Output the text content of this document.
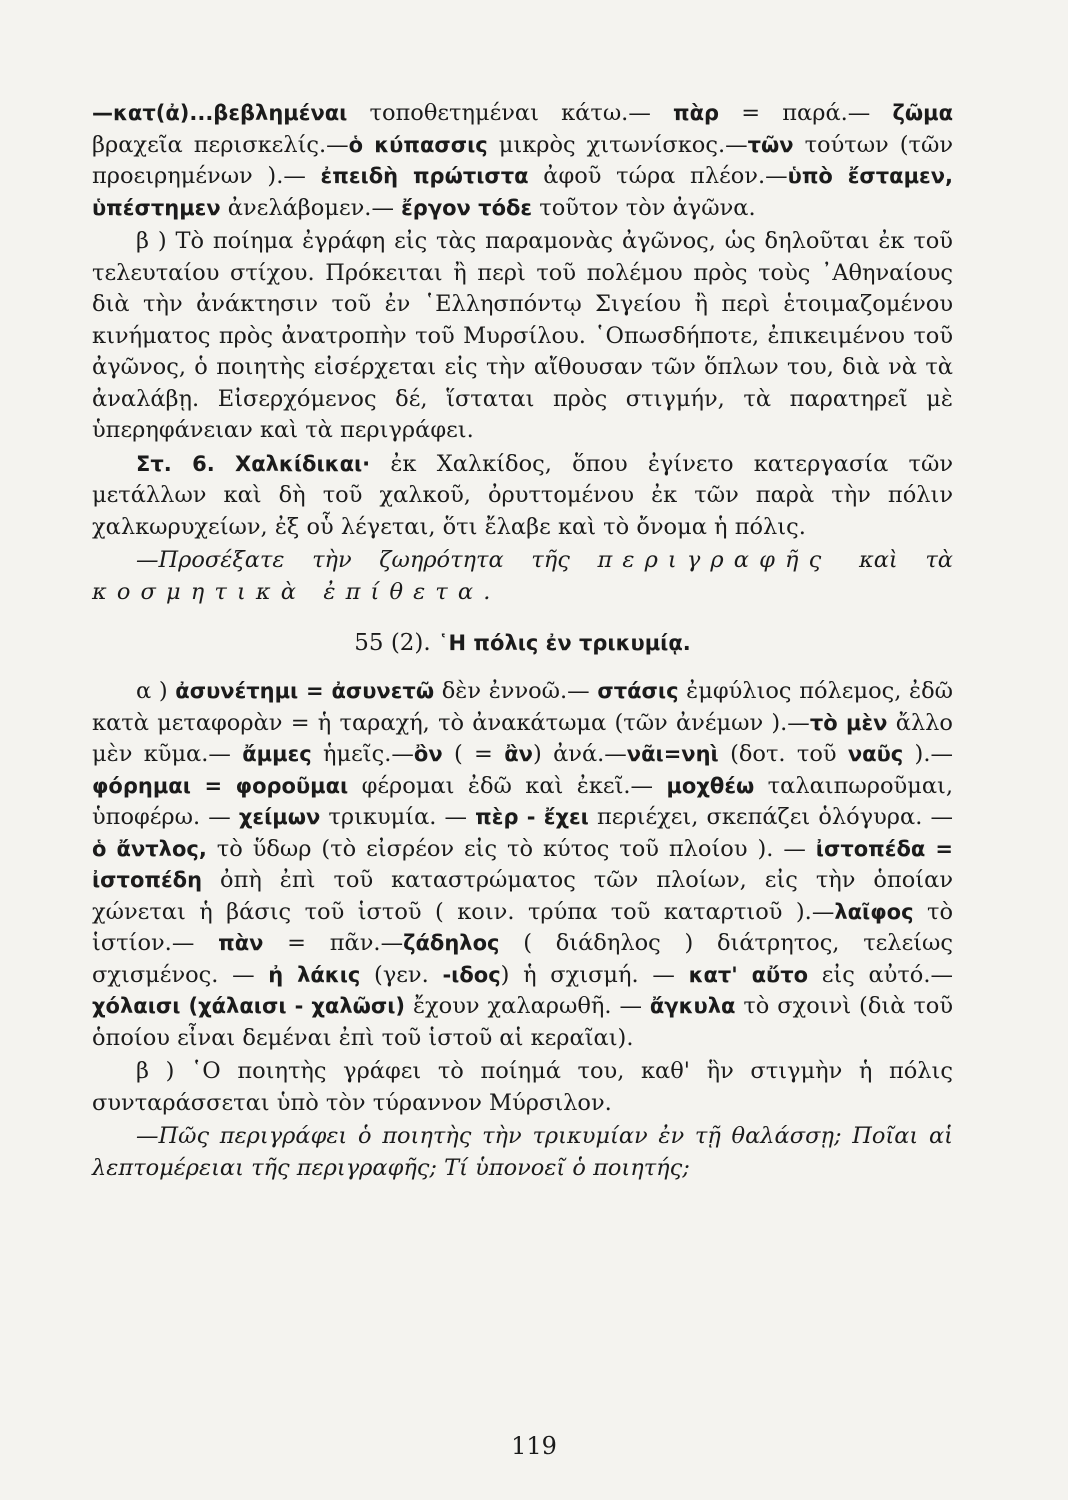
—κατ(ἀ)...βεβλημέναι τοποθετημέναι κάτω.— πὰρ = παρά.— ζῶμα βραχεῖα περισκελίς.—ὁ κύπασσις μικρὸς χιτωνίσκος.—τῶν τούτων (τῶν προειρημένων ).— ἐπειδὴ πρώτιστα ἀφοῦ τώρα πλέον.—ὑπὸ ἔσταμεν, ὑπέστημεν ἀνελάβομεν.— ἔργον τόδε τοῦτον τὸν ἀγῶνα.

β ) Τὸ ποίημα ἐγράφη εἰς τὰς παραμονὰς ἀγῶνος, ὡς δηλοῦται ἐκ τοῦ τελευταίου στίχου. Πρόκειται ἢ περὶ τοῦ πολέμου πρὸς τοὺς ᾿Αθηναίους διὰ τὴν ἀνάκτησιν τοῦ ἐν ῾Ελλησπόντῳ Σιγείου ἢ περὶ ἑτοιμαζομένου κινήματος πρὸς ἀνατροπὴν τοῦ Μυρσίλου. ῾Οπωσδήποτε, ἐπικειμένου τοῦ ἀγῶνος, ὁ ποιητὴς εἰσέρχεται εἰς τὴν αἴθουσαν τῶν ὅπλων του, διὰ νὰ τὰ ἀναλάβῃ. Εἰσερχόμενος δέ, ἵσταται πρὸς στιγμήν, τὰ παρατηρεῖ μὲ ὑπερηφάνειαν καὶ τὰ περιγράφει.

Στ. 6. Χαλκίδικαι· ἐκ Χαλκίδος, ὅπου ἐγίνετο κατεργασία τῶν μετάλλων καὶ δὴ τοῦ χαλκοῦ, ὀρυττομένου ἐκ τῶν παρὰ τὴν πόλιν χαλκωρυχείων, ἐξ οὗ λέγεται, ὅτι ἔλαβε καὶ τὸ ὄνομα ἡ πόλις.

—Προσέξατε τὴν ζωηρότητα τῆς περιγραφῆς καὶ τὰ κοσμητικὰ ἐπίθετα.

55 (2). ῾Η πόλις ἐν τρικυμίᾳ.

α ) ἀσυνέτημι = ἀσυνετῶ δὲν ἐννοῶ.— στάσις ἐμφύλιος πόλεμος, ἐδῶ κατὰ μεταφορὰν = ἡ ταραχή, τὸ ἀνακάτωμα (τῶν ἀνέμων ).—τὸ μὲν ἄλλο μὲν κῦμα.— ἄμμες ἡμεῖς.—ὂν ( = ἂν) ἀνά.—νᾶι=νηὶ (δοτ. τοῦ ναῦς ).— φόρημαι = φοροῦμαι φέρομαι ἐδῶ καὶ ἐκεῖ.— μοχθέω ταλαιπωροῦμαι, ὑποφέρω. — χείμων τρικυμία. — πὲρ - ἔχει περιέχει, σκεπάζει ὁλόγυρα. — ὁ ἄντλος, τὸ ὕδωρ (τὸ εἰσρέον εἰς τὸ κύτος τοῦ πλοίου ). — ἰστοπέδα = ἰστοπέδη ὀπὴ ἐπὶ τοῦ καταστρώματος τῶν πλοίων, εἰς τὴν ὁποίαν χώνεται ἡ βάσις τοῦ ἱστοῦ ( κοιν. τρύπα τοῦ καταρτιοῦ ).—λαῖφος τὸ ἱστίον.— πὰν = πᾶν.—ζάδηλος ( διάδηλος ) διάτρητος, τελείως σχισμένος. — ἠ λάκις (γεν. -ιδος) ἡ σχισμή. — κατ' αὔτο εἰς αὐτό.— χόλαισι (χάλαισι - χαλῶσι) ἔχουν χαλαρωθῆ. — ἄγκυλα τὸ σχοινὶ (διὰ τοῦ ὁποίου εἶναι δεμέναι ἐπὶ τοῦ ἱστοῦ αἱ κεραῖαι).

β ) ῾Ο ποιητὴς γράφει τὸ ποίημά του, καθ' ἣν στιγμὴν ἡ πόλις συνταράσσεται ὑπὸ τὸν τύραννον Μύρσιλον.

—Πῶς περιγράφει ὁ ποιητὴς τὴν τρικυμίαν ἐν τῇ θαλάσσῃ; Ποῖαι αἱ λεπτομέρειαι τῆς περιγραφῆς; Τί ὑπονοεῖ ὁ ποιητής;

119
